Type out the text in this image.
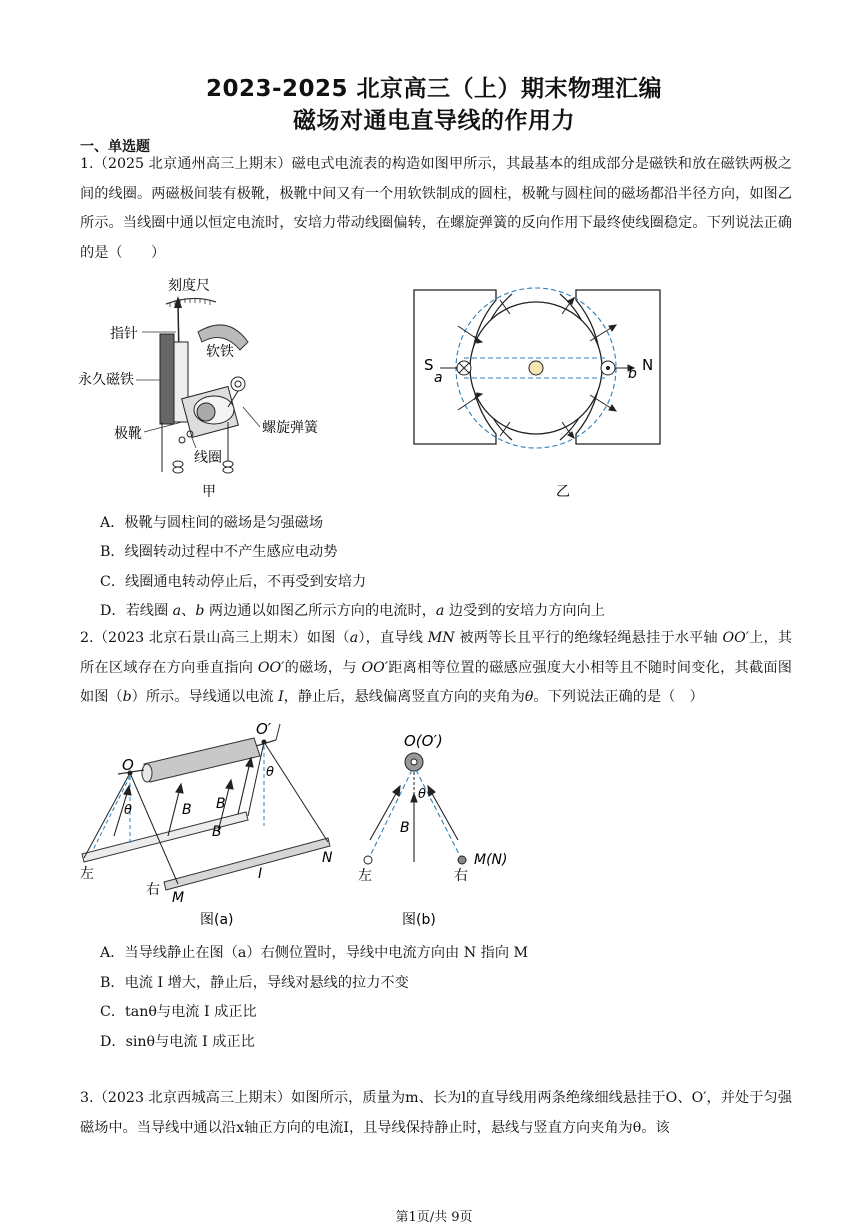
2023-2025 北京高三（上）期末物理汇编
磁场对通电直导线的作用力
一、单选题
1.（2025 北京通州高三上期末）磁电式电流表的构造如图甲所示，其最基本的组成部分是磁铁和放在磁铁两极之间的线圈。两磁极间装有极靴，极靴中间又有一个用软铁制成的圆柱，极靴与圆柱间的磁场都沿半径方向，如图乙所示。当线圈中通以恒定电流时，安培力带动线圈偏转，在螺旋弹簧的反向作用下最终使线圈稳定。下列说法正确的是（　　）
刻度尺
指针
软铁
永久磁铁
螺旋弹簧
极靴
线圈
甲
S
a
N
b
乙
A．极靴与圆柱间的磁场是匀强磁场
B．线圈转动过程中不产生感应电动势
C．线圈通电转动停止后，不再受到安培力
D．若线圈 a、b 两边通以如图乙所示方向的电流时，a 边受到的安培力方向向上
2.（2023 北京石景山高三上期末）如图（a），直导线 MN 被两等长且平行的绝缘轻绳悬挂于水平轴 OO′上，其所在区域存在方向垂直指向 OO′的磁场，与 OO′距离相等位置的磁感应强度大小相等且不随时间变化，其截面图如图（b）所示。导线通以电流 I，静止后，悬线偏离竖直方向的夹角为θ。下列说法正确的是（　）
O
O′
θ
θ
B
B
B
左
右 M
I
N
图(a)
O(O′)
θ
B
左	右
M(N)
图(b)
A．当导线静止在图（a）右侧位置时，导线中电流方向由 N 指向 M
B．电流 I 增大，静止后，导线对悬线的拉力不变
C．tanθ与电流 I 成正比
D．sinθ与电流 I 成正比
3.（2023 北京西城高三上期末）如图所示，质量为m、长为l的直导线用两条绝缘细线悬挂于O、O′，并处于匀强磁场中。当导线中通以沿x轴正方向的电流I，且导线保持静止时，悬线与竖直方向夹角为θ。该
第1页/共 9页
